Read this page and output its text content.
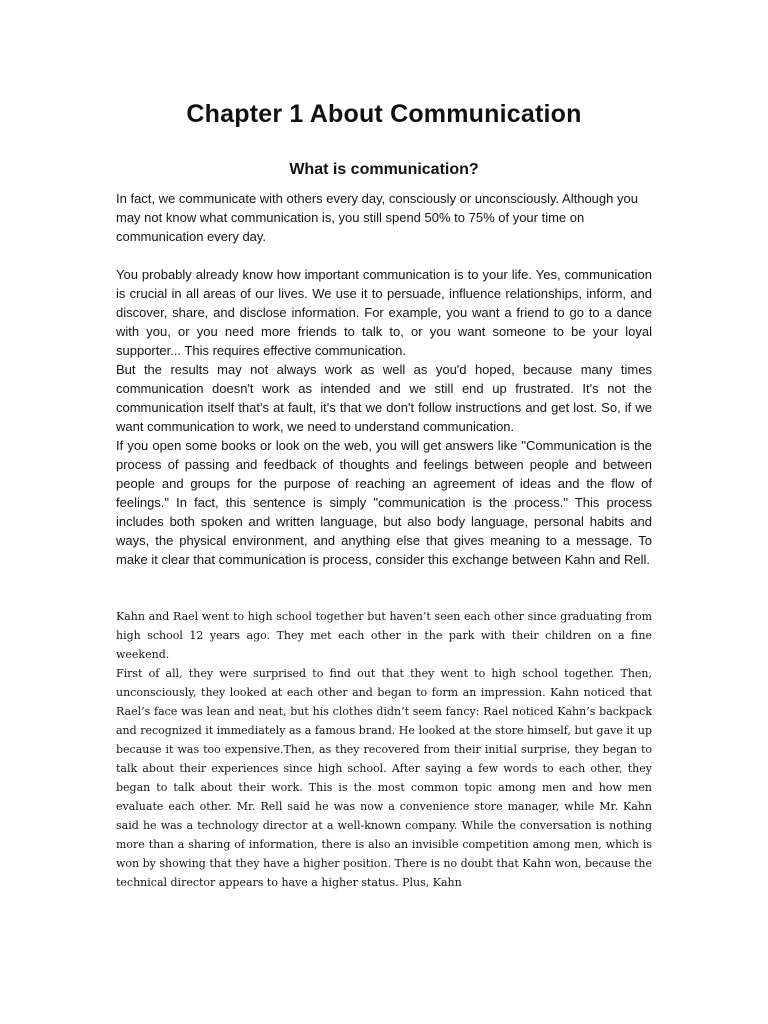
Chapter 1 About Communication
What is communication?

In fact, we communicate with others every day, consciously or unconsciously. Although you may not know what communication is, you still spend 50% to 75% of your time on communication every day.

You probably already know how important communication is to your life. Yes, communication is crucial in all areas of our lives. We use it to persuade, influence relationships, inform, and discover, share, and disclose information. For example, you want a friend to go to a dance with you, or you need more friends to talk to, or you want someone to be your loyal supporter... This requires effective communication.

But the results may not always work as well as you'd hoped, because many times communication doesn't work as intended and we still end up frustrated. It's not the communication itself that's at fault, it's that we don't follow instructions and get lost. So, if we want communication to work, we need to understand communication.

If you open some books or look on the web, you will get answers like "Communication is the process of passing and feedback of thoughts and feelings between people and between people and groups for the purpose of reaching an agreement of ideas and the flow of feelings." In fact, this sentence is simply "communication is the process." This process includes both spoken and written language, but also body language, personal habits and ways, the physical environment, and anything else that gives meaning to a message. To make it clear that communication is process, consider this exchange between Kahn and Rell.

Kahn and Rael went to high school together but haven’t seen each other since graduating from high school 12 years ago. They met each other in the park with their children on a fine weekend.

First of all, they were surprised to find out that they went to high school together. Then, unconsciously, they looked at each other and began to form an impression. Kahn noticed that Rael’s face was lean and neat, but his clothes didn’t seem fancy: Rael noticed Kahn’s backpack and recognized it immediately as a famous brand. He looked at the store himself, but gave it up because it was too expensive.Then, as they recovered from their initial surprise, they began to talk about their experiences since high school. After saying a few words to each other, they began to talk about their work. This is the most common topic among men and how men evaluate each other. Mr. Rell said he was now a convenience store manager, while Mr. Kahn said he was a technology director at a well-known company. While the conversation is nothing more than a sharing of information, there is also an invisible competition among men, which is won by showing that they have a higher position. There is no doubt that Kahn won, because the technical director appears to have a higher status. Plus, Kahn
